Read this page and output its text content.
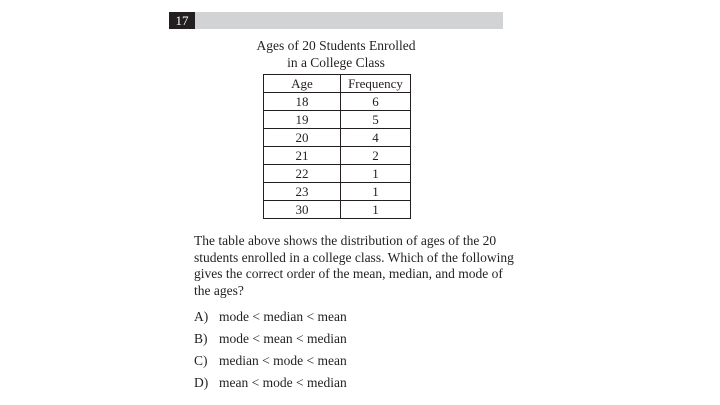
17
Ages of 20 Students Enrolled
in a College Class
Age	Frequency
18	6
19	5
20	4
21	2
22	1
23	1
30	1
The table above shows the distribution of ages of the 20 students enrolled in a college class. Which of the following gives the correct order of the mean, median, and mode of the ages?
A) mode < median < mean
B) mode < mean < median
C) median < mode < mean
D) mean < mode < median
